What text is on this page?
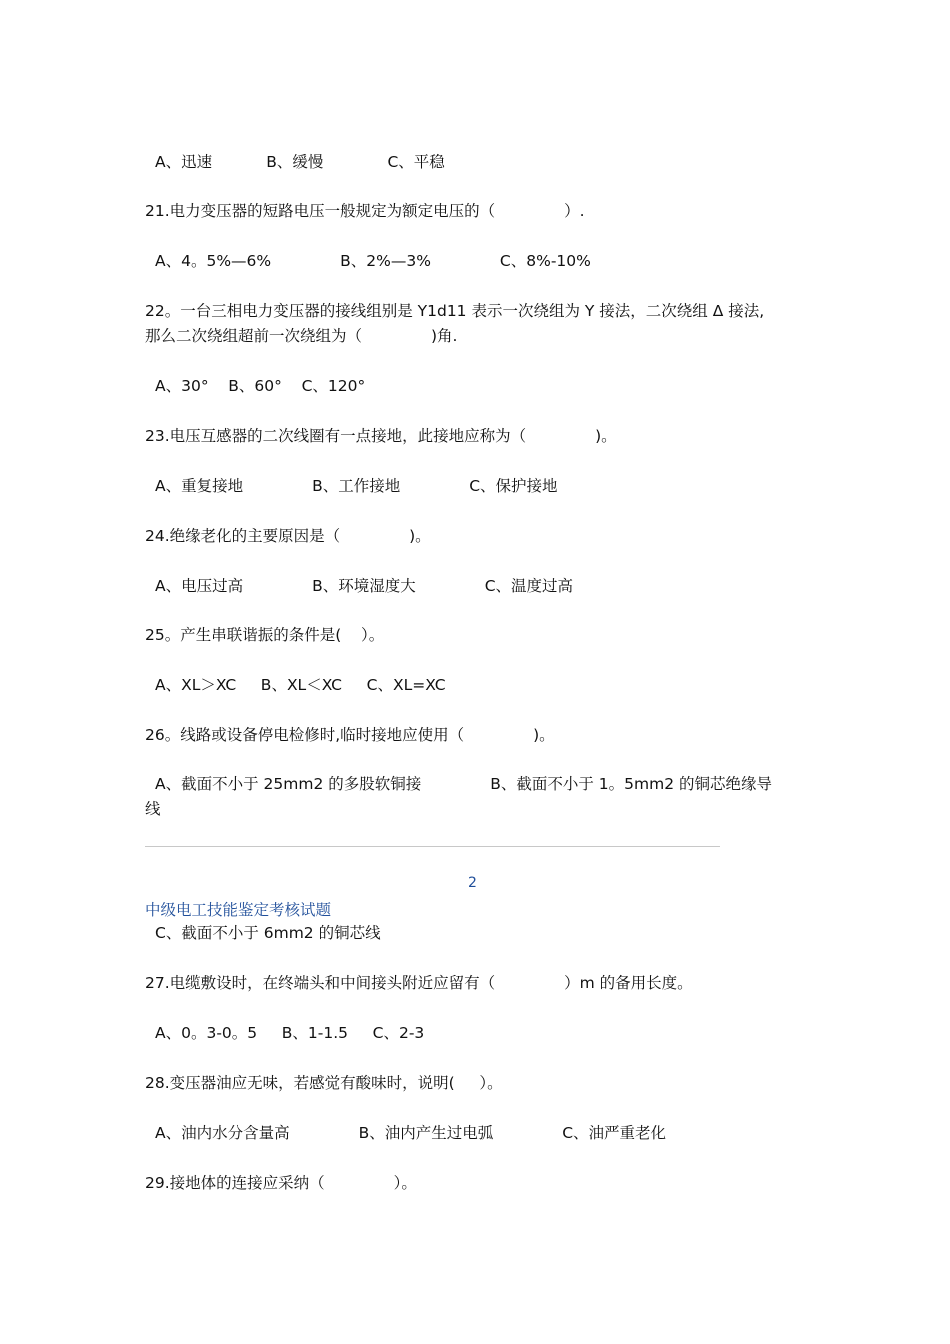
A、迅速           B、缓慢             C、平稳
21.电力变压器的短路电压一般规定为额定电压的（              ）.
A、4。5%—6%              B、2%—3%              C、8%-10%
22。一台三相电力变压器的接线组别是 Y1d11 表示一次绕组为 Y 接法，二次绕组 Δ 接法,
那么二次绕组超前一次绕组为（              )角.
A、30°    B、60°    C、120°
23.电压互感器的二次线圈有一点接地，此接地应称为（              )。
A、重复接地              B、工作接地              C、保护接地
24.绝缘老化的主要原因是（              )。
A、电压过高              B、环境湿度大              C、温度过高
25。产生串联谐振的条件是(    ）。
A、XL＞XC     B、XL＜XC     C、XL=XC
26。线路或设备停电检修时,临时接地应使用（              )。
A、截面不小于 25mm2 的多股软铜接              B、截面不小于 1。5mm2 的铜芯绝缘导
线
2
中级电工技能鉴定考核试题
C、截面不小于 6mm2 的铜芯线
27.电缆敷设时，在终端头和中间接头附近应留有（              ）m 的备用长度。
A、0。3-0。5     B、1-1.5     C、2-3
28.变压器油应无味，若感觉有酸味时，说明(     ）。
A、油内水分含量高              B、油内产生过电弧              C、油严重老化
29.接地体的连接应采纳（              ）。
